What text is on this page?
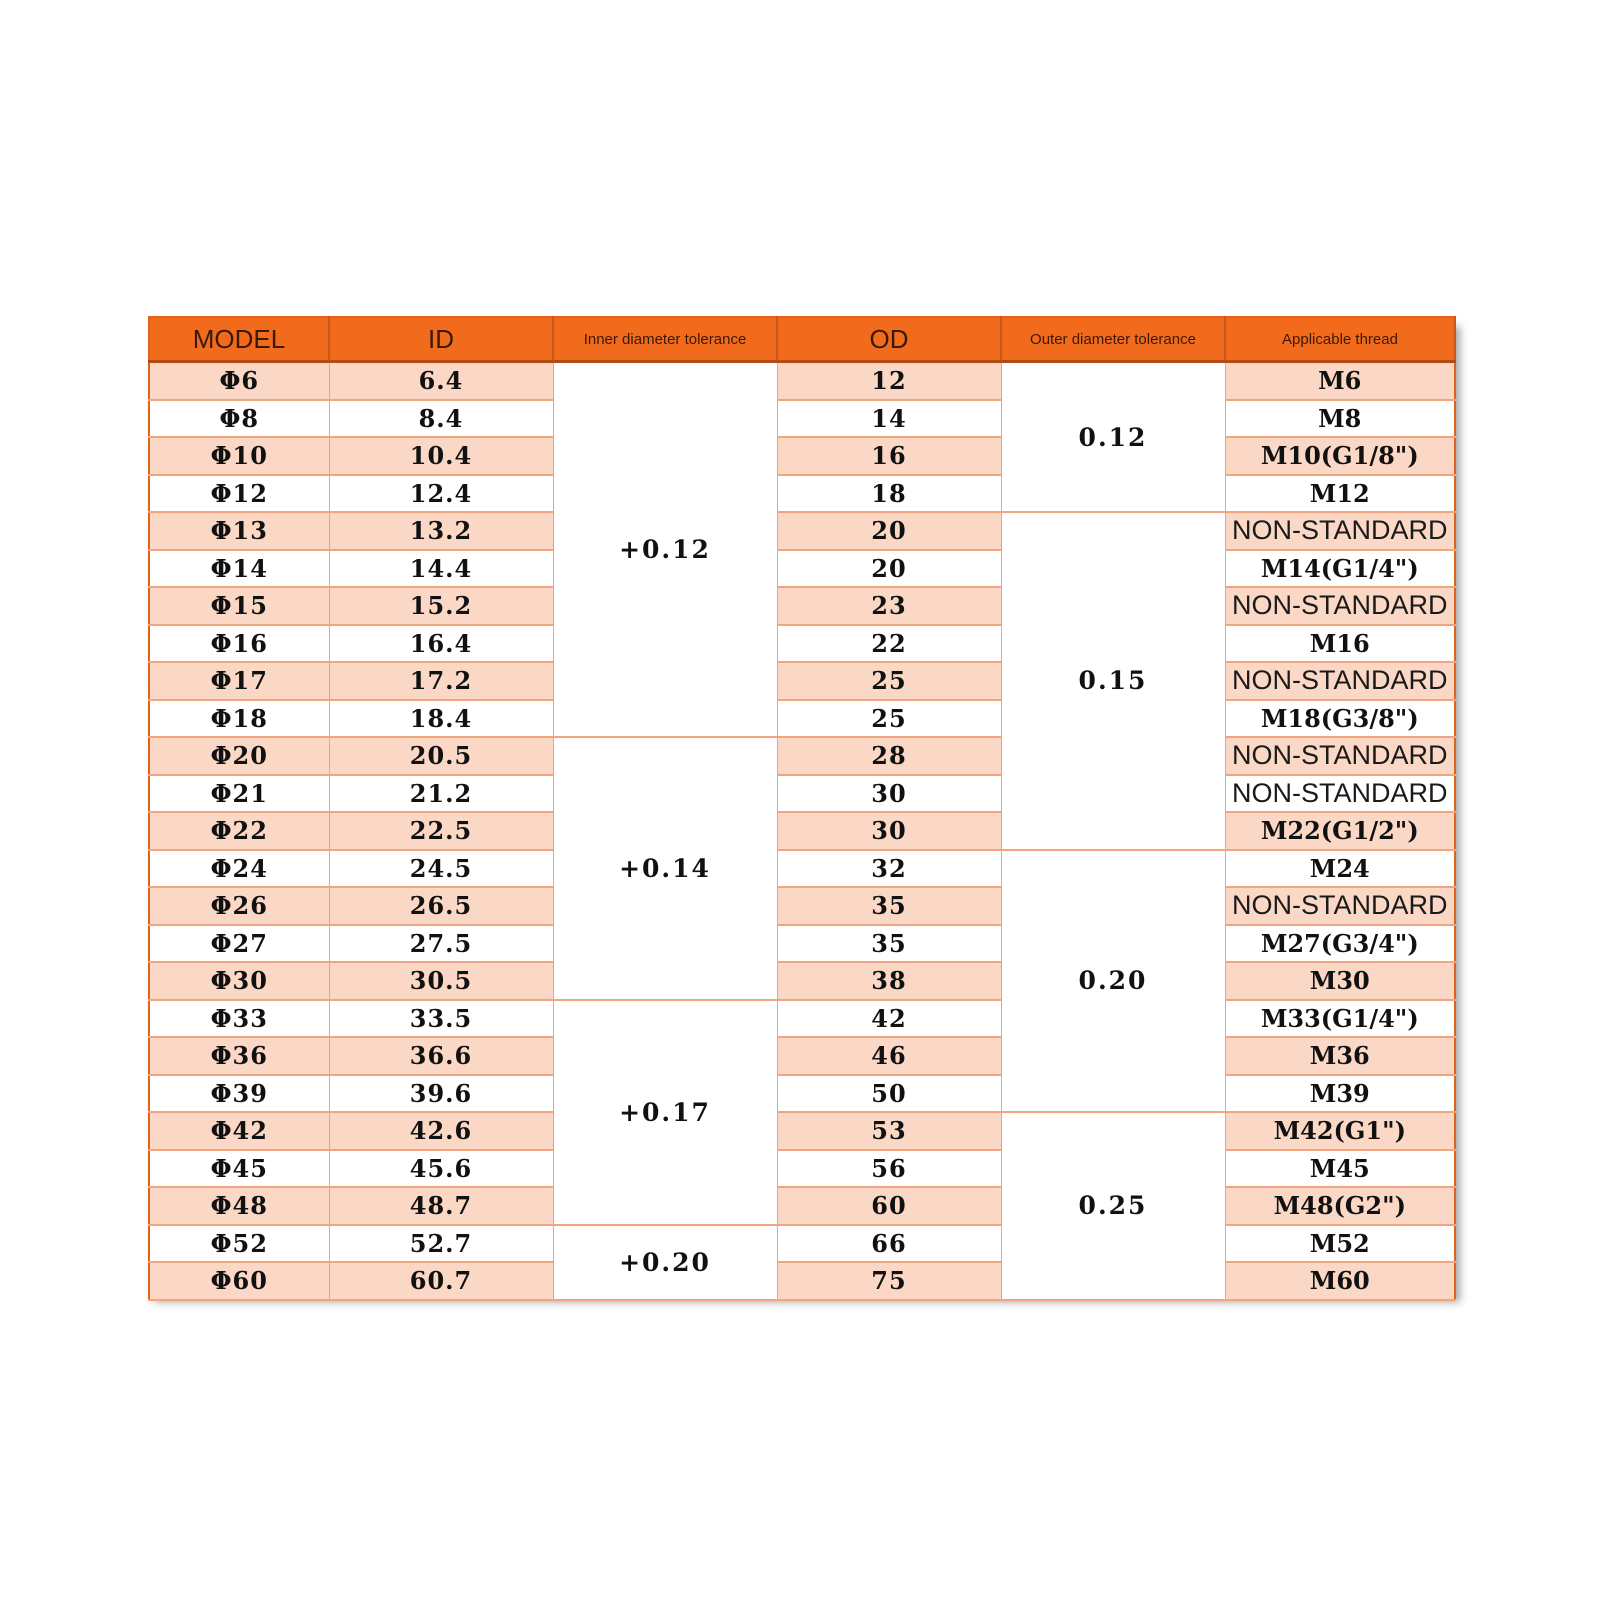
MODEL	ID	Inner diameter tolerance	OD	Outer diameter tolerance	Applicable thread
Φ6	6.4	+0.12	12	0.12	M6
Φ8	8.4		14		M8
Φ10	10.4		16		M10(G1/8")
Φ12	12.4		18		M12
Φ13	13.2		20	0.15	NON-STANDARD
Φ14	14.4		20		M14(G1/4")
Φ15	15.2		23		NON-STANDARD
Φ16	16.4		22		M16
Φ17	17.2		25		NON-STANDARD
Φ18	18.4		25		M18(G3/8")
Φ20	20.5	+0.14	28		NON-STANDARD
Φ21	21.2		30		NON-STANDARD
Φ22	22.5		30		M22(G1/2")
Φ24	24.5		32	0.20	M24
Φ26	26.5		35		NON-STANDARD
Φ27	27.5		35		M27(G3/4")
Φ30	30.5		38		M30
Φ33	33.5	+0.17	42		M33(G1/4")
Φ36	36.6		46		M36
Φ39	39.6		50		M39
Φ42	42.6		53	0.25	M42(G1")
Φ45	45.6		56		M45
Φ48	48.7		60		M48(G2")
Φ52	52.7	+0.20	66		M52
Φ60	60.7		75		M60
